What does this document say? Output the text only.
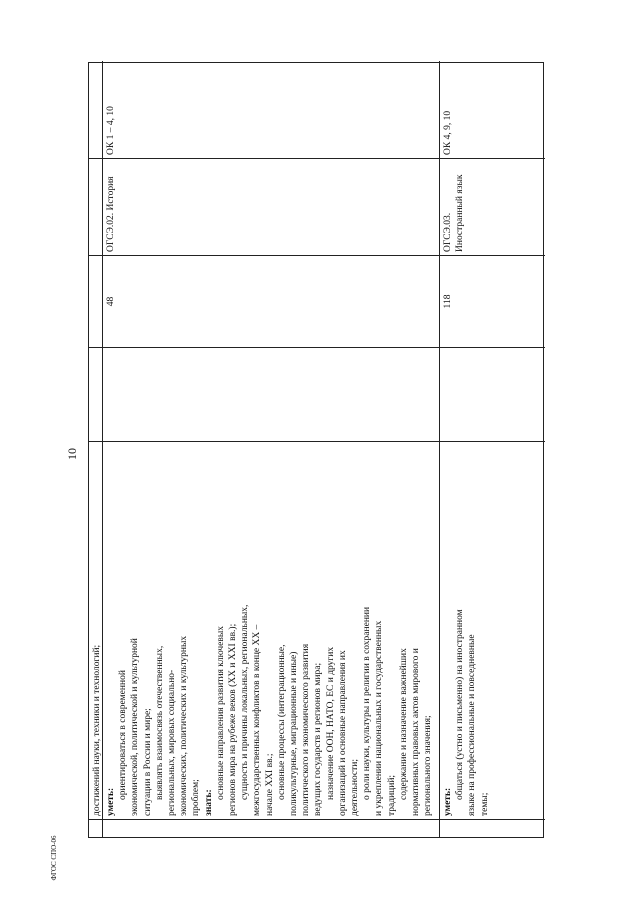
10
достижений науки, техники и технологий; уметь:
ориентироваться в современной экономической, политической и культурной ситуации в России и мире; выявлять взаимосвязь отечественных, региональных, мировых социально- экономических, политических и культурных проблем; знать:
основные направления развития ключевых регионов мира на рубеже веков (XX и XXI вв.); сущность и причины локальных, региональных, межгосударственных конфликтов в конце XX – начале XXI вв.; основные процессы (интеграционные, поликультурные, миграционные и иные) политического и экономического развития ведущих государств и регионов мира; назначение ООН, НАТО, ЕС и других организаций и основные направления их деятельности; о роли науки, культуры и религии в сохранении и укреплении национальных и государственных традиций; содержание и назначение важнейших нормативных правовых актов мирового и регионального значения;
48
ОГСЭ.02. История
ОК 1 – 4, 10
уметь:
общаться (устно и письменно) на иностранном языке на профессиональные и повседневные темы;
118
ОГСЭ.03.
Иностранный язык
ОК 4, 9, 10
ФГОС СПО-06
